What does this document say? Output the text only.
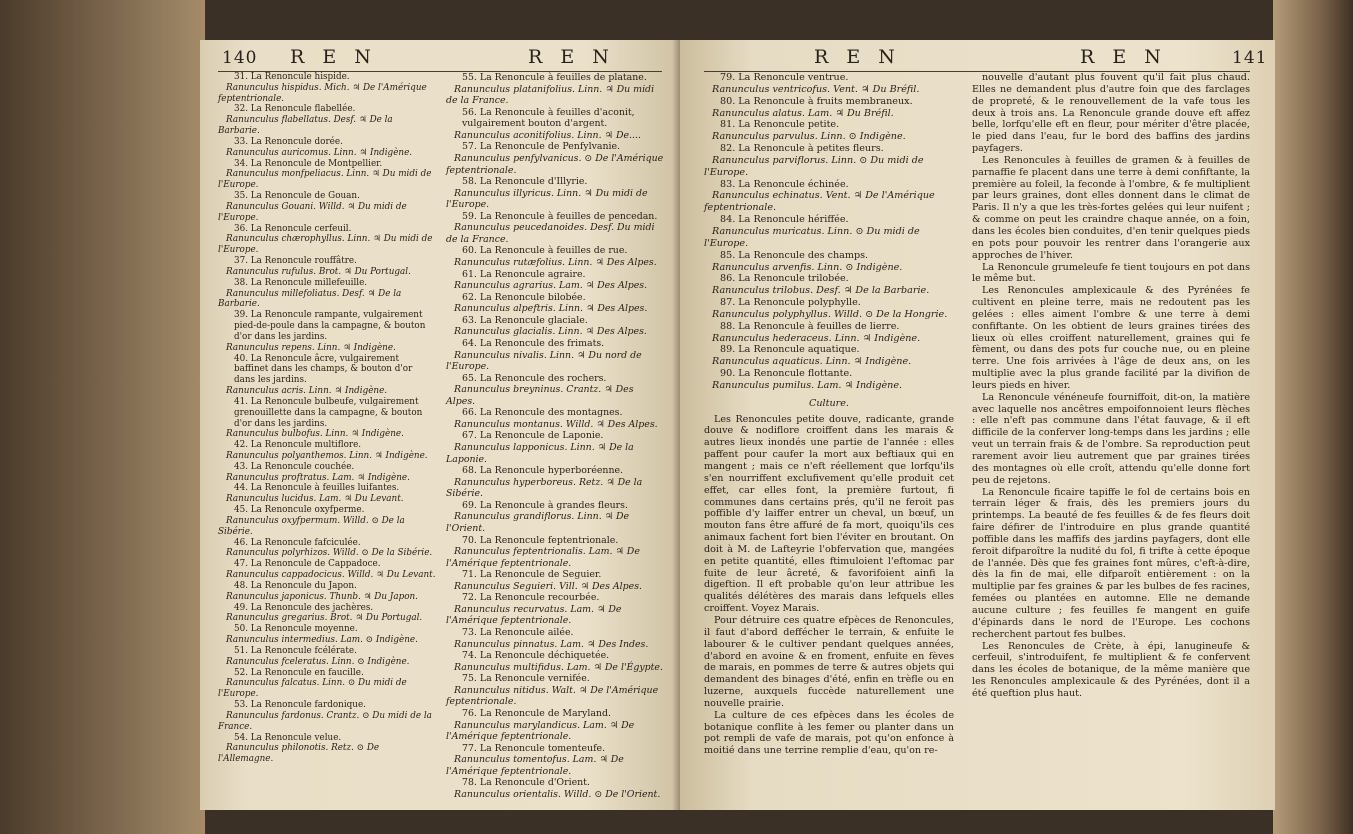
140 R E N	R E N
31. La Renoncule hispide.
Ranunculus hispidus. Mich. ♃ De l'Amérique feptentrionale.
32. La Renoncule flabellée.
Ranunculus flabellatus. Desf. ♃ De la Barbarie.
33. La Renoncule dorée.
Ranunculus auricomus. Linn. ♃ Indigène.
34. La Renoncule de Montpellier.
Ranunculus monfpeliacus. Linn. ♃ Du midi de l'Europe.
35. La Renoncule de Gouan.
Ranunculus Gouani. Willd. ♃ Du midi de l'Europe.
36. La Renoncule cerfeuil.
Ranunculus chærophyllus. Linn. ♃ Du midi de l'Europe.
37. La Renoncule rouffâtre.
Ranunculus rufulus. Brot. ♃ Du Portugal.
38. La Renoncule millefeuille.
Ranunculus millefoliatus. Desf. ♃ De la Barbarie.
39. La Renoncule rampante, vulgairement pied-de-poule dans la campagne, & bouton d'or dans les jardins.
Ranunculus repens. Linn. ♃ Indigène.
40. La Renoncule âcre, vulgairement baffinet dans les champs, & bouton d'or dans les jardins.
Ranunculus acris. Linn. ♃ Indigène.
41. La Renoncule bulbeufe, vulgairement grenouillette dans la campagne, & bouton d'or dans les jardins.
Ranunculus bulbofus. Linn. ♃ Indigène.
42. La Renoncule multiflore.
Ranunculus polyanthemos. Linn. ♃ Indigène.
43. La Renoncule couchée.
Ranunculus proftratus. Lam. ♃ Indigène.
44. La Renoncule à feuilles luifantes.
Ranunculus lucidus. Lam. ♃ Du Levant.
45. La Renoncule oxyfperme.
Ranunculus oxyfpermum. Willd. ⊙ De la Sibérie.
46. La Renoncule fafciculée.
Ranunculus polyrhizos. Willd. ⊙ De la Sibérie.
47. La Renoncule de Cappadoce.
Ranunculus cappadocicus. Willd. ♃ Du Levant.
48. La Renoncule du Japon.
Ranunculus japonicus. Thunb. ♃ Du Japon.
49. La Renoncule des jachères.
Ranunculus gregarius. Brot. ♃ Du Portugal.
50. La Renoncule moyenne.
Ranunculus intermedius. Lam. ⊙ Indigène.
51. La Renoncule fcélérate.
Ranunculus fceleratus. Linn. ⊙ Indigène.
52. La Renoncule en faucille.
Ranunculus falcatus. Linn. ⊙ Du midi de l'Europe.
53. La Renoncule fardonique.
Ranunculus fardonus. Crantz. ⊙ Du midi de la France.
54. La Renoncule velue.
Ranunculus philonotis. Retz. ⊙ De l'Allemagne.
55. La Renoncule à feuilles de platane.
Ranunculus platanifolius. Linn. ♃ Du midi de la France.
56. La Renoncule à feuilles d'aconit, vulgairement bouton d'argent.
Ranunculus aconitifolius. Linn. ♃ De....
57. La Renoncule de Penfylvanie.
Ranunculus penfylvanicus. ⊙ De l'Amérique feptentrionale.
58. La Renoncule d'Illyrie.
Ranunculus illyricus. Linn. ♃ Du midi de l'Europe.
59. La Renoncule à feuilles de pencedan.
Ranunculus peucedanoides. Desf. Du midi de la France.
60. La Renoncule à feuilles de rue.
Ranunculus rutæfolius. Linn. ♃ Des Alpes.
61. La Renoncule agraire.
Ranunculus agrarius. Lam. ♃ Des Alpes.
62. La Renoncule bilobée.
Ranunculus alpeftris. Linn. ♃ Des Alpes.
63. La Renoncule glaciale.
Ranunculus glacialis. Linn. ♃ Des Alpes.
64. La Renoncule des frimats.
Ranunculus nivalis. Linn. ♃ Du nord de l'Europe.
65. La Renoncule des rochers.
Ranunculus breyninus. Crantz. ♃ Des Alpes.
66. La Renoncule des montagnes.
Ranunculus montanus. Willd. ♃ Des Alpes.
67. La Renoncule de Laponie.
Ranunculus lapponicus. Linn. ♃ De la Laponie.
68. La Renoncule hyperboréenne.
Ranunculus hyperboreus. Retz. ♃ De la Sibérie.
69. La Renoncule à grandes fleurs.
Ranunculus grandiflorus. Linn. ♃ De l'Orient.
70. La Renoncule feptentrionale.
Ranunculus feptentrionalis. Lam. ♃ De l'Amérique feptentrionale.
71. La Renoncule de Seguier.
Ranunculus Seguieri. Vill. ♃ Des Alpes.
72. La Renoncule recourbée.
Ranunculus recurvatus. Lam. ♃ De l'Amérique feptentrionale.
73. La Renoncule ailée.
Ranunculus pinnatus. Lam. ♃ Des Indes.
74. La Renoncule déchiquetée.
Ranunculus multifidus. Lam. ♃ De l'Égypte.
75. La Renoncule vernifée.
Ranunculus nitidus. Walt. ♃ De l'Amérique feptentrionale.
76. La Renoncule de Maryland.
Ranunculus marylandicus. Lam. ♃ De l'Amérique feptentrionale.
77. La Renoncule tomenteufe.
Ranunculus tomentofus. Lam. ♃ De l'Amérique feptentrionale.
78. La Renoncule d'Orient.
Ranunculus orientalis. Willd. ⊙ De l'Orient.
R E N	R E N	141
79. La Renoncule ventrue.
Ranunculus ventricofus. Vent. ♃ Du Bréfil.
80. La Renoncule à fruits membraneux.
Ranunculus alatus. Lam. ♃ Du Bréfil.
81. La Renoncule petite.
Ranunculus parvulus. Linn. ⊙ Indigène.
82. La Renoncule à petites fleurs.
Ranunculus parviflorus. Linn. ⊙ Du midi de l'Europe.
83. La Renoncule échinée.
Ranunculus echinatus. Vent. ♃ De l'Amérique feptentrionale.
84. La Renoncule hériffée.
Ranunculus muricatus. Linn. ⊙ Du midi de l'Europe.
85. La Renoncule des champs.
Ranunculus arvenfis. Linn. ⊙ Indigène.
86. La Renoncule trilobée.
Ranunculus trilobus. Desf. ♃ De la Barbarie.
87. La Renoncule polyphylle.
Ranunculus polyphyllus. Willd. ⊙ De la Hongrie.
88. La Renoncule à feuilles de lierre.
Ranunculus hederaceus. Linn. ♃ Indigène.
89. La Renoncule aquatique.
Ranunculus aquaticus. Linn. ♃ Indigène.
90. La Renoncule flottante.
Ranunculus pumilus. Lam. ♃ Indigène.
Culture.

Les Renoncules petite douve, radicante, grande douve & nodiflore croiffent dans les marais & autres lieux inondés une partie de l'année : elles paffent pour caufer la mort aux beftiaux qui en mangent ; mais ce n'eft réellement que lorfqu'ils s'en nourriffent exclufivement qu'elle produit cet effet, car elles font, la première furtout, fi communes dans certains prés, qu'il ne feroit pas poffible d'y laiffer entrer un cheval, un bœuf, un mouton fans être affuré de fa mort, quoiqu'ils ces animaux fachent fort bien l'éviter en broutant. On doit à M. de Lafteyrie l'obfervation que, mangées en petite quantité, elles ftimuloient l'eftomac par fuite de leur âcreté, & favorifoient ainfi la digeftion. Il eft probable qu'on leur attribue les qualités délétères des marais dans lefquels elles croiffent. Voyez Marais.

Pour détruire ces quatre efpèces de Renoncules, il faut d'abord deffécher le terrain, & enfuite le labourer & le cultiver pendant quelques années, d'abord en avoine & en froment, enfuite en fèves de marais, en pommes de terre & autres objets qui demandent des binages d'été, enfin en trèfle ou en luzerne, auxquels fuccède naturellement une nouvelle prairie.

La culture de ces efpèces dans les écoles de botanique conflite à les femer ou planter dans un pot rempli de vafe de marais, pot qu'on enfonce à moitié dans une terrine remplie d'eau, qu'on re-

nouvelle d'autant plus fouvent qu'il fait plus chaud. Elles ne demandent plus d'autre foin que des farclages de propreté, & le renouvellement de la vafe tous les deux à trois ans. La Renoncule grande douve eft affez belle, lorfqu'elle eft en fleur, pour mériter d'être placée, le pied dans l'eau, fur le bord des baffins des jardins payfagers.

Les Renoncules à feuilles de gramen & à feuilles de parnaffie fe placent dans une terre à demi confiftante, la première au foleil, la feconde à l'ombre, & fe multiplient par leurs graines, dont elles donnent dans le climat de Paris. Il n'y a que les très-fortes gelées qui leur nuifent ; & comme on peut les craindre chaque année, on a foin, dans les écoles bien conduites, d'en tenir quelques pieds en pots pour pouvoir les rentrer dans l'orangerie aux approches de l'hiver.

La Renoncule grumeleufe fe tient toujours en pot dans le même but.

Les Renoncules amplexicaule & des Pyrénées fe cultivent en pleine terre, mais ne redoutent pas les gelées : elles aiment l'ombre & une terre à demi confiftante. On les obtient de leurs graines tirées des lieux où elles croiffent naturellement, graines qui fe fèment, ou dans des pots fur couche nue, ou en pleine terre. Une fois arrivées à l'âge de deux ans, on les multiplie avec la plus grande facilité par la divifion de leurs pieds en hiver.

La Renoncule vénéneufe fourniffoit, dit-on, la matière avec laquelle nos ancêtres empoifonnoient leurs flèches : elle n'eft pas commune dans l'état fauvage, & il eft difficile de la conferver long-temps dans les jardins ; elle veut un terrain frais & de l'ombre. Sa reproduction peut rarement avoir lieu autrement que par graines tirées des montagnes où elle croît, attendu qu'elle donne fort peu de rejetons.

La Renoncule ficaire tapiffe le fol de certains bois en terrain léger & frais, dès les premiers jours du printemps. La beauté de fes feuilles & de fes fleurs doit faire défirer de l'introduire en plus grande quantité poffible dans les maffifs des jardins payfagers, dont elle feroit difparoître la nudité du fol, fi trifte à cette époque de l'année. Dès que fes graines font mûres, c'eft-à-dire, dès la fin de mai, elle difparoît entièrement : on la multiplie par fes graines & par les bulbes de fes racines, femées ou plantées en automne. Elle ne demande aucune culture ; fes feuilles fe mangent en guife d'épinards dans le nord de l'Europe. Les cochons recherchent partout fes bulbes.

Les Renoncules de Crète, à épi, lanugineufe & cerfeuil, s'introduifent, fe multiplient & fe confervent dans les écoles de botanique, de la même manière que les Renoncules amplexicaule & des Pyrénées, dont il a été queftion plus haut.
